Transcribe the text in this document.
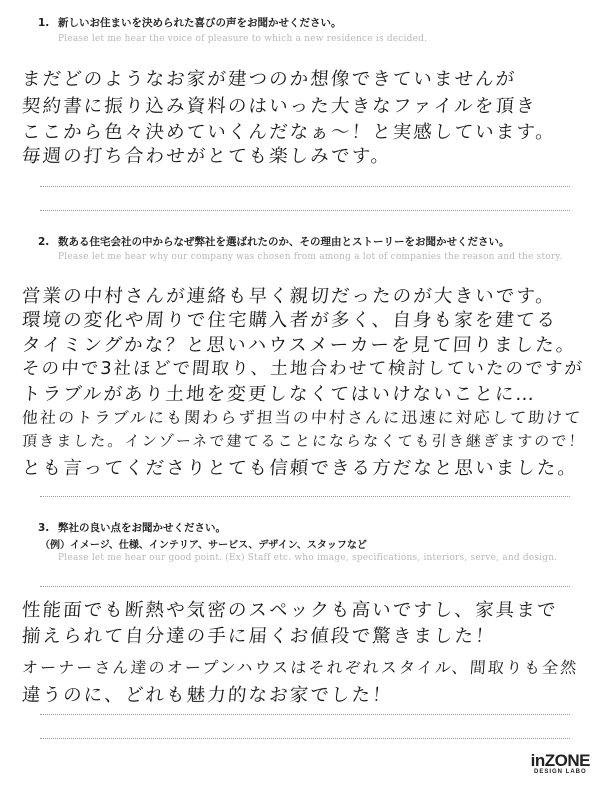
1. 新しいお住まいを決められた喜びの声をお聞かせください。
Please let me hear the voice of pleasure to which a new residence is decided.
まだどのようなお家が建つのか想像できていませんが
契約書に振り込み資料のはいった大きなファイルを頂き
ここから色々決めていくんだなぁ〜！と実感しています。
毎週の打ち合わせがとても楽しみです。
2. 数ある住宅会社の中からなぜ弊社を選ばれたのか、その理由とストーリーをお聞かせください。
Please let me hear why our company was chosen from among a lot of companies the reason and the story.
営業の中村さんが連絡も早く親切だったのが大きいです。
環境の変化や周りで住宅購入者が多く、自身も家を建てる
タイミングかな？と思いハウスメーカーを見て回りました。
その中で3社ほどで間取り、土地合わせて検討していたのですが
トラブルがあり土地を変更しなくてはいけないことに…
他社のトラブルにも関わらず担当の中村さんに迅速に対応して助けて
頂きました。インゾーネで建てることにならなくても引き継ぎますので！
とも言ってくださりとても信頼できる方だなと思いました。
3. 弊社の良い点をお聞かせください。
（例）イメージ、仕様、インテリア、サービス、デザイン、スタッフなど
Please let me hear our good point. (Ex) Staff etc. who image, specifications, interiors, serve, and design.
性能面でも断熱や気密のスペックも高いですし、家具まで
揃えられて自分達の手に届くお値段で驚きました！
オーナーさん達のオープンハウスはそれぞれスタイル、間取りも全然
違うのに、どれも魅力的なお家でした！
inZONE
DESIGN LABO
